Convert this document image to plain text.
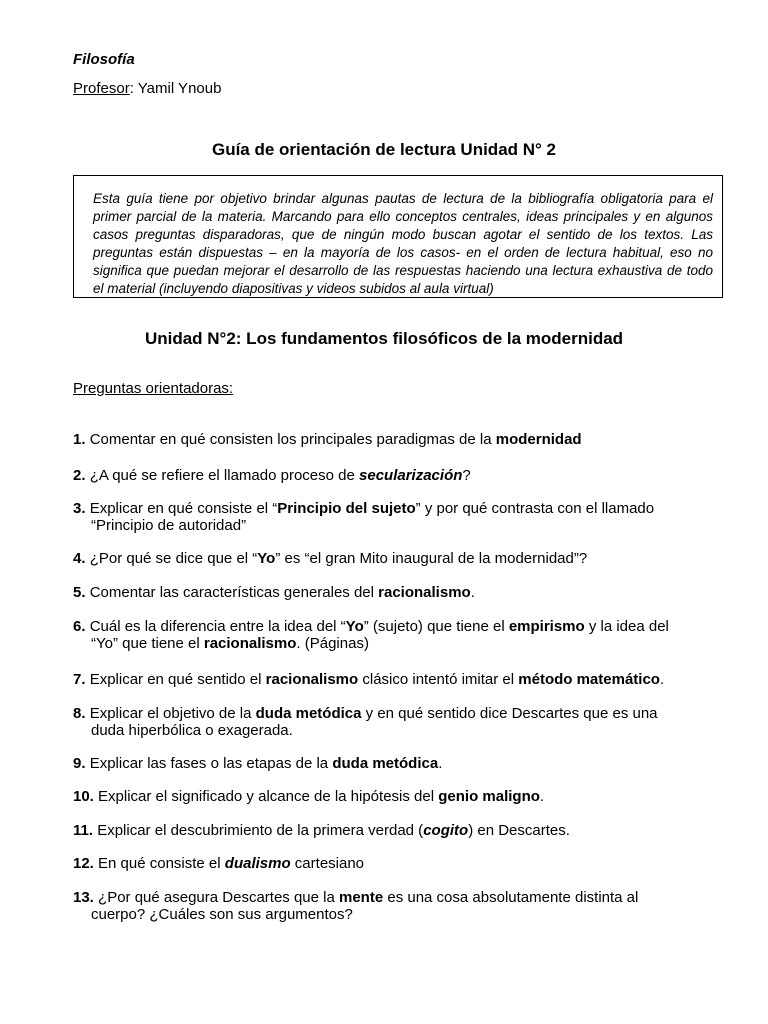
Filosofía
Profesor: Yamil Ynoub
Guía de orientación de lectura Unidad N° 2
Esta guía tiene por objetivo brindar algunas pautas de lectura de la bibliografía obligatoria para el primer parcial de la materia. Marcando para ello conceptos centrales, ideas principales y en algunos casos preguntas disparadoras, que de ningún modo buscan agotar el sentido de los textos. Las preguntas están dispuestas – en la mayoría de los casos- en el orden de lectura habitual, eso no significa que puedan mejorar el desarrollo de las respuestas haciendo una lectura exhaustiva de todo el material (incluyendo diapositivas y videos subidos al aula virtual)
Unidad N°2: Los fundamentos filosóficos de la modernidad
Preguntas orientadoras:
1. Comentar en qué consisten los principales paradigmas de la modernidad
2. ¿A qué se refiere el llamado proceso de secularización?
3. Explicar en qué consiste el “Principio del sujeto” y por qué contrasta con el llamado
“Principio de autoridad”
4. ¿Por qué se dice que el “Yo” es “el gran Mito inaugural de la modernidad”?
5. Comentar las características generales del racionalismo.
6. Cuál es la diferencia entre la idea del “Yo” (sujeto) que tiene el empirismo y la idea del
“Yo” que tiene el racionalismo. (Páginas)
7. Explicar en qué sentido el racionalismo clásico intentó imitar el método matemático.
8. Explicar el objetivo de la duda metódica y en qué sentido dice Descartes que es una
duda hiperbólica o exagerada.
9. Explicar las fases o las etapas de la duda metódica.
10. Explicar el significado y alcance de la hipótesis del genio maligno.
11. Explicar el descubrimiento de la primera verdad (cogito) en Descartes.
12. En qué consiste el dualismo cartesiano
13. ¿Por qué asegura Descartes que la mente es una cosa absolutamente distinta al
cuerpo? ¿Cuáles son sus argumentos?
